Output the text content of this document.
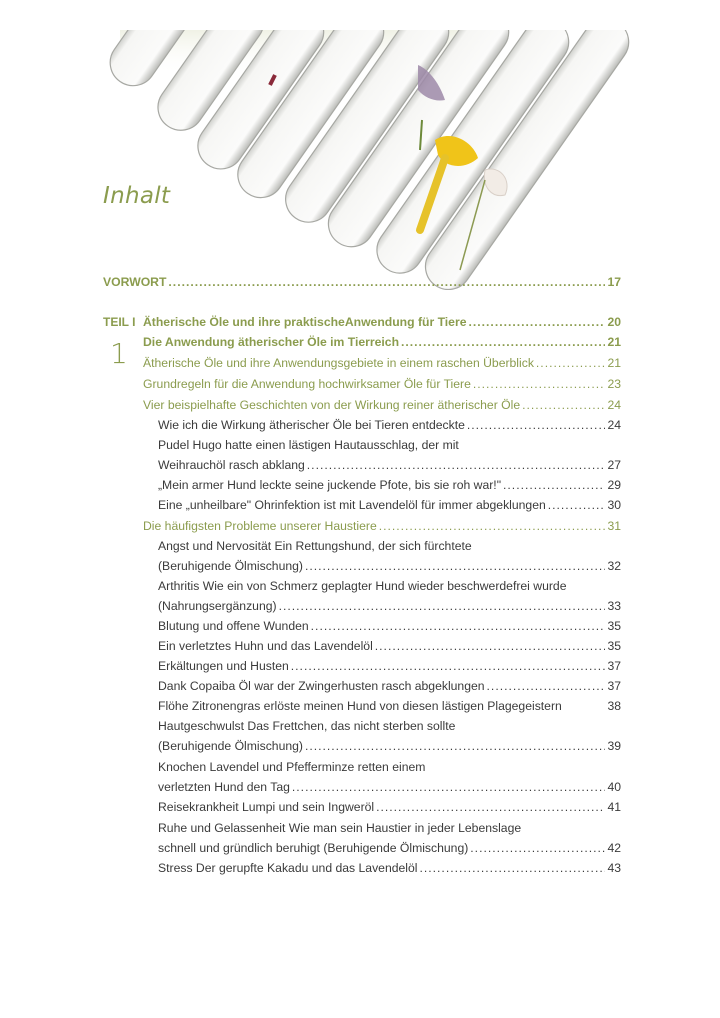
Inhalt
VORWORT .....	17
TEIL I Ätherische Öle und ihre praktischeAnwendung für Tiere .....	20
1 Die Anwendung ätherischer Öle im Tierreich .....	21
Ätherische Öle und ihre Anwendungsgebiete in einem raschen Überblick .....	21
Grundregeln für die Anwendung hochwirksamer Öle für Tiere .....	23
Vier beispielhafte Geschichten von der Wirkung reiner ätherischer Öle .....	24
Wie ich die Wirkung ätherischer Öle bei Tieren entdeckte .....	24
Pudel Hugo hatte einen lästigen Hautausschlag, der mit
Weihrauchöl rasch abklang .....	27
„Mein armer Hund leckte seine juckende Pfote, bis sie roh war!" .....	29
Eine „unheilbare" Ohrinfektion ist mit Lavendelöl für immer abgeklungen .....	30
Die häufigsten Probleme unserer Haustiere .....	31
Angst und Nervosität Ein Rettungshund, der sich fürchtete
(Beruhigende Ölmischung) .....	32
Arthritis Wie ein von Schmerz geplagter Hund wieder beschwerdefrei wurde
(Nahrungsergänzung) .....	33
Blutung und offene Wunden .....	35
Ein verletztes Huhn und das Lavendelöl .....	35
Erkältungen und Husten .....	37
Dank Copaiba Öl war der Zwingerhusten rasch abgeklungen .....	37
Flöhe Zitronengras erlöste meinen Hund von diesen lästigen Plagegeistern	38
Hautgeschwulst Das Frettchen, das nicht sterben sollte
(Beruhigende Ölmischung) .....	39
Knochen Lavendel und Pfefferminze retten einem
verletzten Hund den Tag .....	40
Reisekrankheit Lumpi und sein Ingweröl .....	41
Ruhe und Gelassenheit Wie man sein Haustier in jeder Lebenslage
schnell und gründlich beruhigt (Beruhigende Ölmischung) .....	42
Stress Der gerupfte Kakadu und das Lavendelöl .....	43
